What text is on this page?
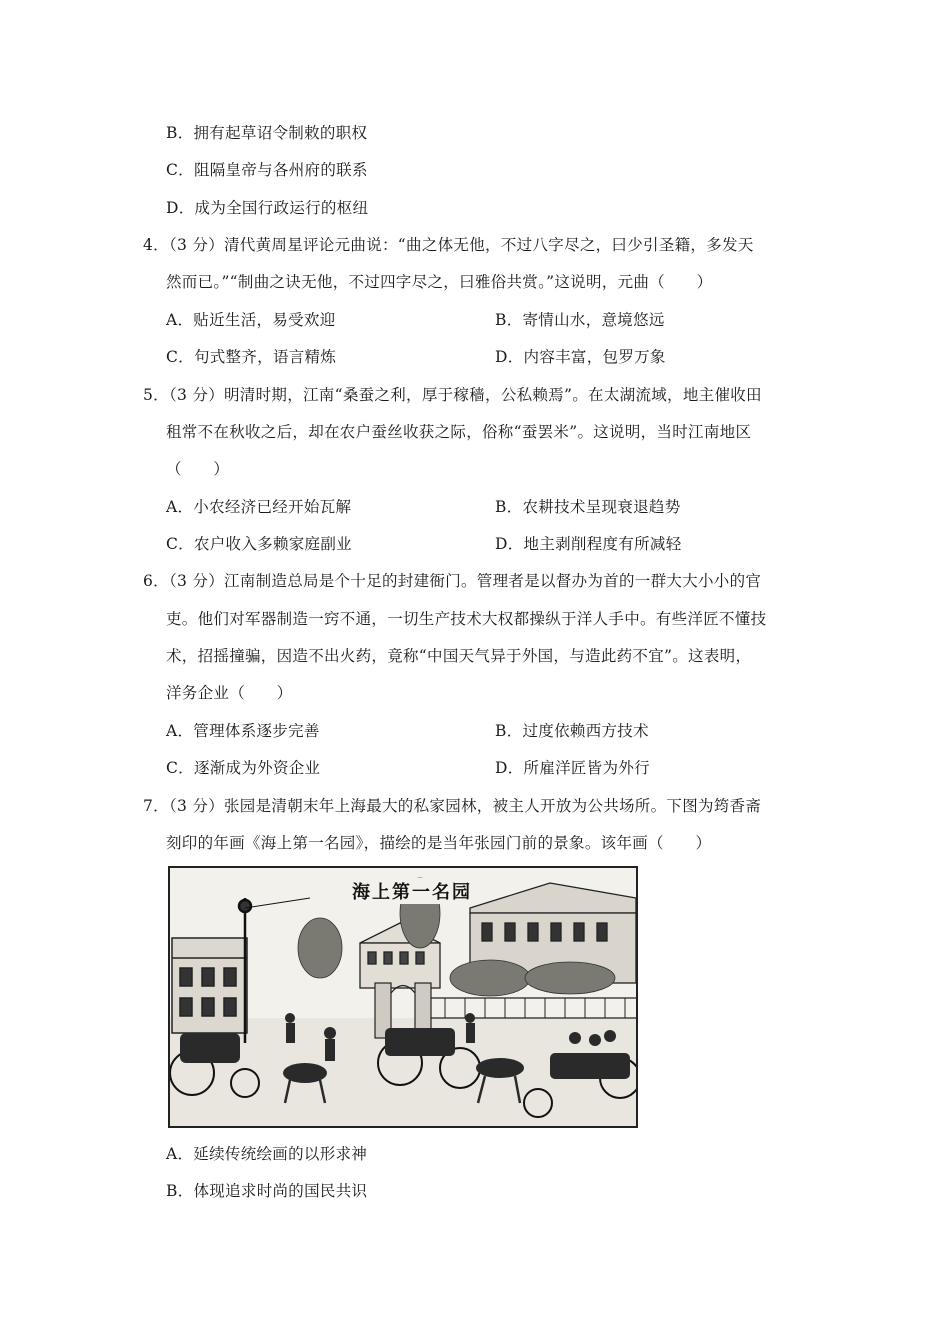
B．拥有起草诏令制敕的职权
C．阻隔皇帝与各州府的联系
D．成为全国行政运行的枢纽
4．（3 分）清代黄周星评论元曲说：“曲之体无他，不过八字尽之，曰少引圣籍，多发天
然而已。”“制曲之诀无他，不过四字尽之，曰雅俗共赏。”这说明，元曲（　　）
A．贴近生活，易受欢迎	B．寄情山水，意境悠远
C．句式整齐，语言精炼	D．内容丰富，包罗万象
5．（3 分）明清时期，江南“桑蚕之利，厚于稼穑，公私赖焉”。在太湖流域，地主催收田
租常不在秋收之后，却在农户蚕丝收获之际，俗称“蚕罢米”。这说明，当时江南地区
（　　）
A．小农经济已经开始瓦解	B．农耕技术呈现衰退趋势
C．农户收入多赖家庭副业	D．地主剥削程度有所减轻
6．（3 分）江南制造总局是个十足的封建衙门。管理者是以督办为首的一群大大小小的官
吏。他们对军器制造一窍不通，一切生产技术大权都操纵于洋人手中。有些洋匠不懂技
术，招摇撞骗，因造不出火药，竟称“中国天气异于外国，与造此药不宜”。这表明，
洋务企业（　　）
A．管理体系逐步完善	B．过度依赖西方技术
C．逐渐成为外资企业	D．所雇洋匠皆为外行
7．（3 分）张园是清朝末年上海最大的私家园林，被主人开放为公共场所。下图为筠香斋
刻印的年画《海上第一名园》，描绘的是当年张园门前的景象。该年画（　　）
海上第一名园
A．延续传统绘画的以形求神
B．体现追求时尚的国民共识
